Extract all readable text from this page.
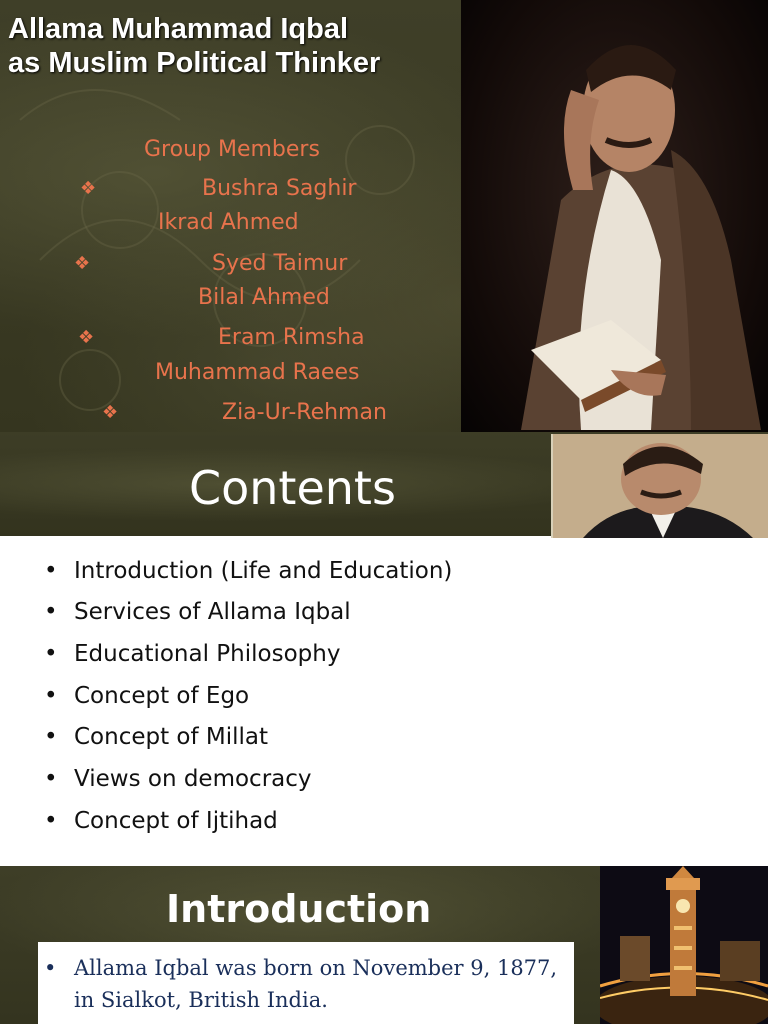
Allama Muhammad Iqbal
as Muslim Political Thinker
Group Members
❖	Bushra Saghir
Ikrad Ahmed
❖	Syed Taimur
Bilal Ahmed
❖	Eram Rimsha
Muhammad Raees
❖	Zia-Ur-Rehman
Contents
• Introduction (Life and Education)
• Services of Allama Iqbal
• Educational Philosophy
• Concept of Ego
• Concept of Millat
• Views on democracy
• Concept of Ijtihad
Introduction
• Allama Iqbal was born on November 9, 1877, in Sialkot, British India.
